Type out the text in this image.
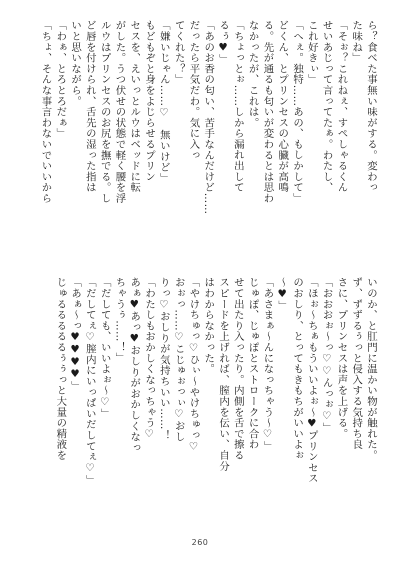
ら？食べた事無い味がする。変わっ
た味ね」
「そぉ？これねぇ、すぺしゃるくん
せいあじって言ってたぁ。わたし、
これ好きぃ」
「へぇ。独特……あの、もしかして」
どくん、とプリンセスの心臓が高鳴
る。先が通るも匂いが変わるとは思わ
なかったが、これは。
「ちょっとぉ……しから漏れ出して
るぅ♥」
「あのお香の匂い、苦手なんだけど……
だったら平気だわ。気に入っ
てくれた？」
「嫌いじゃん……♡　無いけど」
もどもぞと身をよじらせるプリン
セスを、えいっとルウはベッドに転
がした。うつ伏せの状態で軽く腰を浮
ルウはプリンセスのお尻を撫でる。し
ど唇を付けられ、舌先の湿った指は
いと思いながら。
「わぁ、とろとろだぁ」
「ちょ、そんな事言わないでいいから
いのか、と肛門に温かい物が触れた。
ず、ずずるぅっと侵入する気持ち良
さに、プリンセスは声を上げる。
「おおおぉ～っ♡♡んっぉ♡」
「ほぉ～ちぁもういいよぉ～♥プリンセス
のおしり、とってもきもちがいいよぉ
～♥」
「あさまぁ～んになっちゃう～♡」
じゅぽ、じゅぽとストロークに合わ
せて出たり入ったり。内側を舌で擦る
スピードを上げれば、膣内を伝い、自分
はわからなかった。
「やけちゅっ♡ひぃ～やけちゅっ♡
おぉっ……♡こじゅぉっぃ♡おし
りっ♡おしりが気持ちいい……！
「わたしもおかしくなっちゃう♡
あぁ♥あっ♥おしりがおかしくなっ
ちゃうぅ……！」
「だしても、いいよぉ～♡」
「だしてぇ♡膣内にいっぱいだしてぇ♡」
「あぁ～っ♥♥♥♥」
じゅるるるるるぅぅっと大量の精液を
260
